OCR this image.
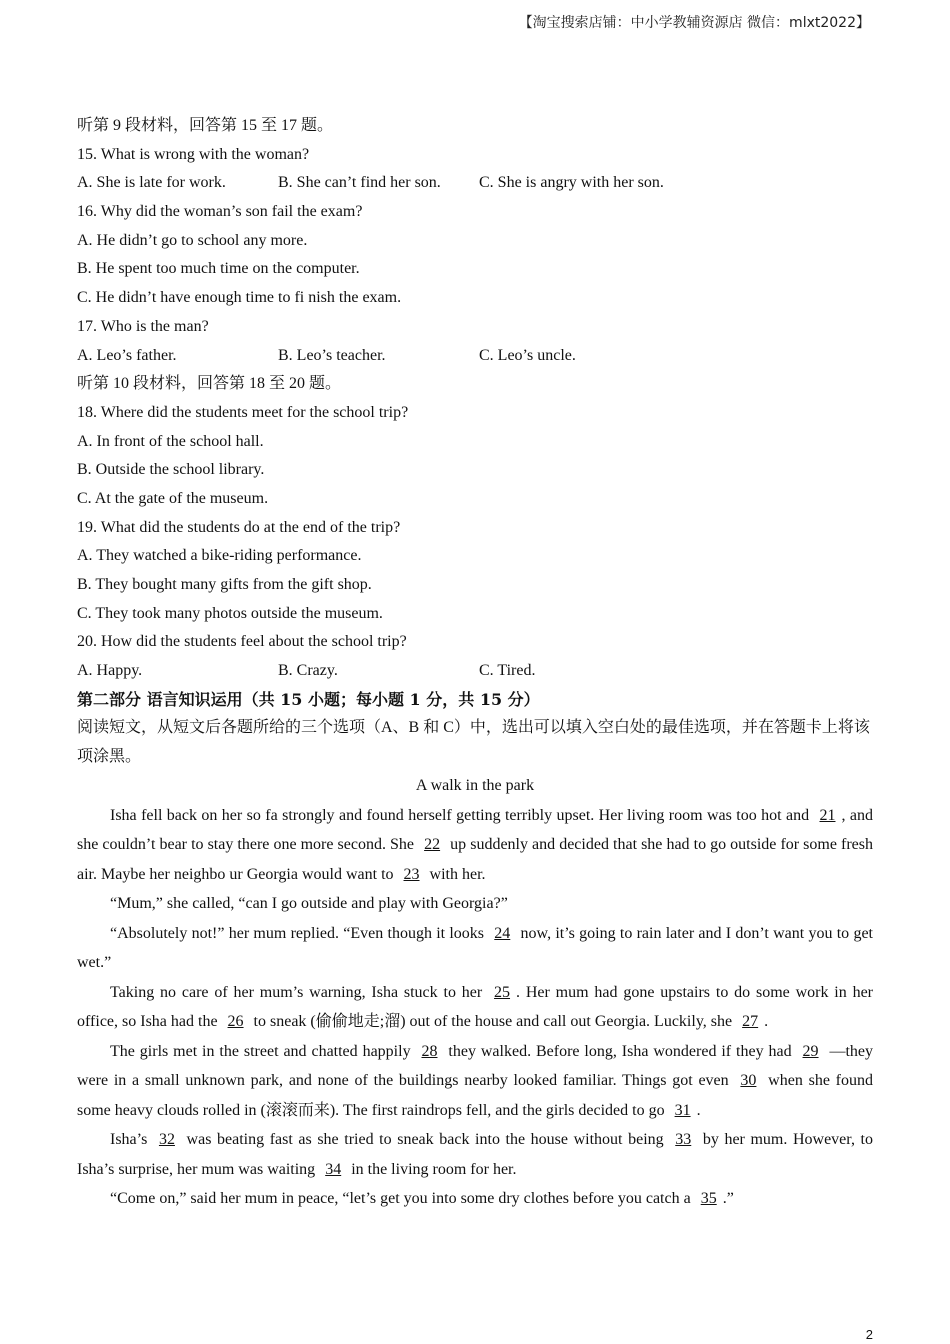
【淘宝搜索店铺：中小学教辅资源店 微信：mlxt2022】
听第 9 段材料，回答第 15 至 17 题。
15. What is wrong with the woman?
A. She is late for work.	B. She can’t find her son.	C. She is angry with her son.
16. Why did the woman’s son fail the exam?
A. He didn’t go to school any more.
B. He spent too much time on the computer.
C. He didn’t have enough time to fi nish the exam.
17. Who is the man?
A. Leo’s father.	B. Leo’s teacher.	C. Leo’s uncle.
听第 10 段材料，回答第 18 至 20 题。
18. Where did the students meet for the school trip?
A. In front of the school hall.
B. Outside the school library.
C. At the gate of the museum.
19. What did the students do at the end of the trip?
A. They watched a bike-riding performance.
B. They bought many gifts from the gift shop.
C. They took many photos outside the museum.
20. How did the students feel about the school trip?
A. Happy.	B. Crazy.	C. Tired.
第二部分 语言知识运用（共 15 小题；每小题 1 分，共 15 分）
阅读短文，从短文后各题所给的三个选项（A、B 和 C）中，选出可以填入空白处的最佳选项，并在答题卡上将该项涂黑。
A walk in the park
Isha fell back on her so fa strongly and found herself getting terribly upset. Her living room was too hot and 21 , and she couldn’t bear to stay there one more second. She 22 up suddenly and decided that she had to go outside for some fresh air. Maybe her neighbo ur Georgia would want to 23 with her.
“Mum,” she called, “can I go outside and play with Georgia?”
“Absolutely not!” her mum replied. “Even though it looks 24 now, it’s going to rain later and I don’t want you to get wet.”
Taking no care of her mum’s warning, Isha stuck to her 25 . Her mum had gone upstairs to do some work in her office, so Isha had the 26 to sneak (偷偷地走;溜) out of the house and call out Georgia. Luckily, she 27 .
The girls met in the street and chatted happily 28 they walked. Before long, Isha wondered if they had 29 —they were in a small unknown park, and none of the buildings nearby looked familiar. Things got even 30 when she found some heavy clouds rolled in (滚滚而来). The first raindrops fell, and the girls decided to go 31 .
Isha’s 32 was beating fast as she tried to sneak back into the house without being 33 by her mum. However, to Isha’s surprise, her mum was waiting 34 in the living room for her.
“Come on,” said her mum in peace, “let’s get you into some dry clothes before you catch a 35 .”
2
